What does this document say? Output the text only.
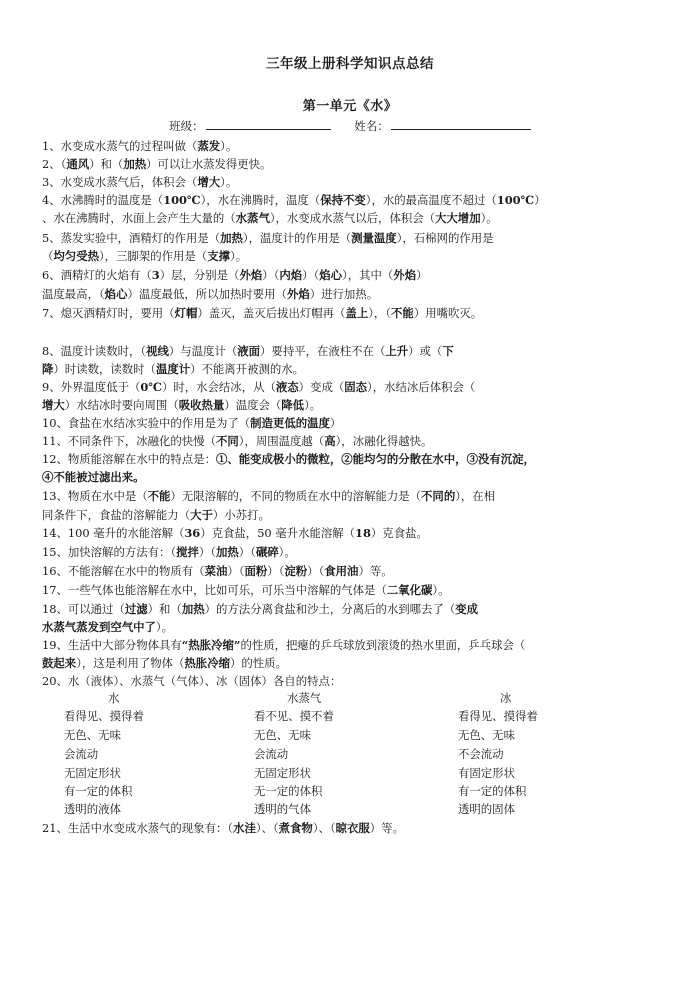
三年级上册科学知识点总结
第一单元《水》
班级：	姓名：
1、水变成水蒸气的过程叫做（蒸发）。
2、（通风）和（加热）可以让水蒸发得更快。
3、水变成水蒸气后，体积会（增大）。
4、水沸腾时的温度是（100℃），水在沸腾时，温度（保持不变），水的最高温度不超过（100℃）
、水在沸腾时，水面上会产生大量的（水蒸气），水变成水蒸气以后，体积会（大大增加）。
5、蒸发实验中，酒精灯的作用是（加热），温度计的作用是（测量温度），石棉网的作用是
（均匀受热），三脚架的作用是（支撑）。
6、酒精灯的火焰有（3）层，分别是（外焰）（内焰）（焰心），其中（外焰）
温度最高，（焰心）温度最低，所以加热时要用（外焰）进行加热。
7、熄灭酒精灯时，要用（灯帽）盖灭，盖灭后拔出灯帽再（盖上），（不能）用嘴吹灭。
8、温度计读数时，（视线）与温度计（液面）要持平，在液柱不在（上升）或（下
降）时读数，读数时（温度计）不能离开被测的水。
9、外界温度低于（0℃）时，水会结冰，从（液态）变成（固态），水结冰后体积会（
增大）水结冰时要向周围（吸收热量）温度会（降低）。
10、食盐在水结冰实验中的作用是为了（制造更低的温度）
11、不同条件下，冰融化的快慢（不同），周围温度越（高），冰融化得越快。
12、物质能溶解在水中的特点是：①、能变成极小的微粒，②能均匀的分散在水中，③没有沉淀，
④不能被过滤出来。
13、物质在水中是（不能）无限溶解的，不同的物质在水中的溶解能力是（不同的），在相
同条件下，食盐的溶解能力（大于）小苏打。
14、100 毫升的水能溶解（36）克食盐，50 毫升水能溶解（18）克食盐。
15、加快溶解的方法有：（搅拌）（加热）（碾碎）。
16、不能溶解在水中的物质有（菜油）（面粉）（淀粉）（食用油）等。
17、一些气体也能溶解在水中，比如可乐，可乐当中溶解的气体是（二氧化碳）。
18、可以通过（过滤）和（加热）的方法分离食盐和沙土，分离后的水到哪去了（变成
水蒸气蒸发到空气中了）。
19、生活中大部分物体具有“热胀冷缩”的性质，把瘪的乒乓球放到滚烫的热水里面，乒乓球会（
鼓起来），这是利用了物体（热胀冷缩）的性质。
20、水（液体）、水蒸气（气体）、冰（固体）各自的特点：
水	水蒸气	冰
看得见、摸得着	看不见、摸不着	看得见、摸得着
无色、无味	无色、无味	无色、无味
会流动	会流动	不会流动
无固定形状	无固定形状	有固定形状
有一定的体积	无一定的体积	有一定的体积
透明的液体	透明的气体	透明的固体
21、生活中水变成水蒸气的现象有：（水洼）、（煮食物）、（晾衣服）等。
